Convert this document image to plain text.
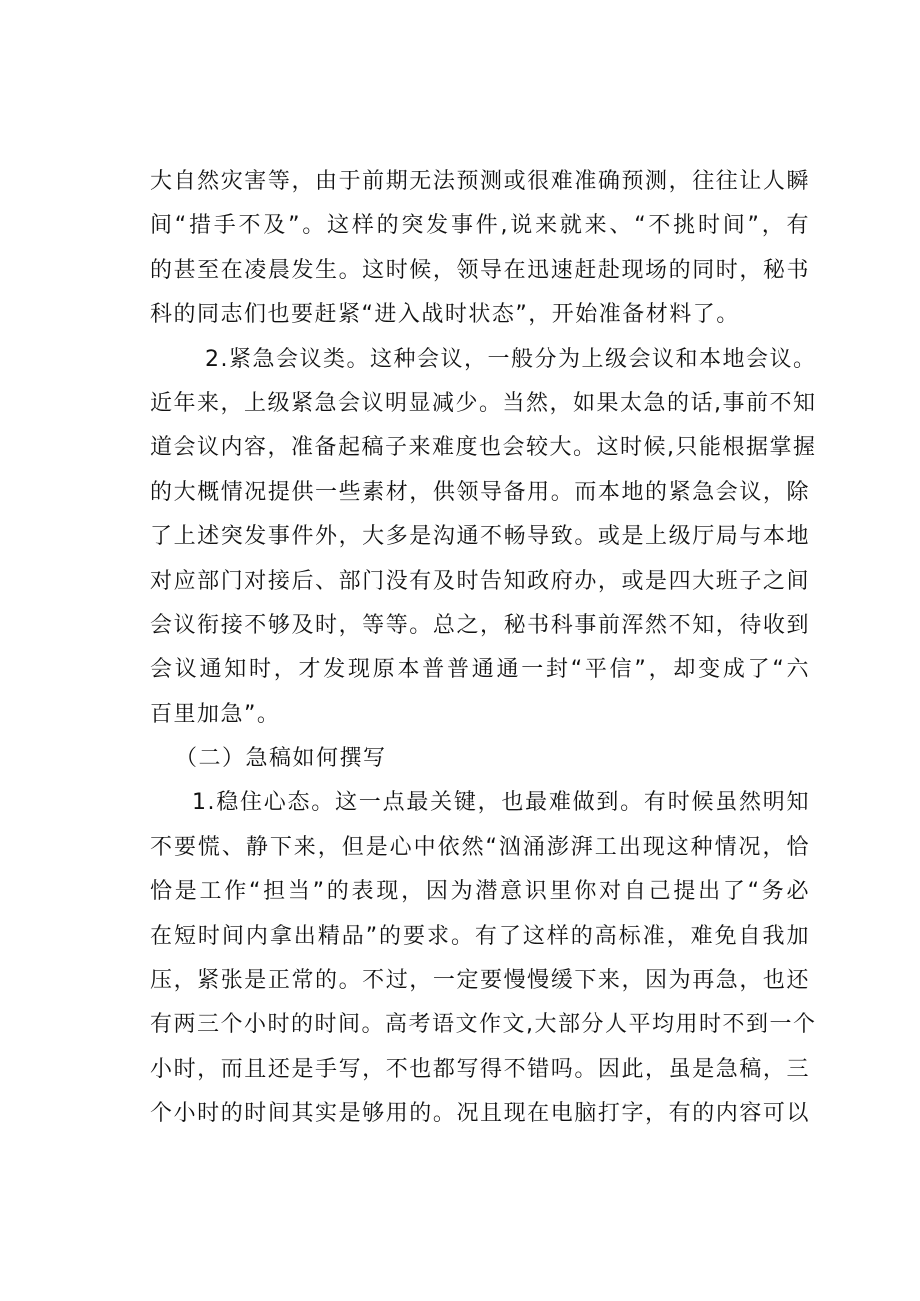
大自然灾害等，由于前期无法预测或很难准确预测，往往让人瞬
间“措手不及”。这样的突发事件,说来就来、“不挑时间”，有
的甚至在凌晨发生。这时候，领导在迅速赶赴现场的同时，秘书
科的同志们也要赶紧“进入战时状态”，开始准备材料了。
2.紧急会议类。这种会议，一般分为上级会议和本地会议。
近年来，上级紧急会议明显减少。当然，如果太急的话,事前不知
道会议内容，准备起稿子来难度也会较大。这时候,只能根据掌握
的大概情况提供一些素材，供领导备用。而本地的紧急会议，除
了上述突发事件外，大多是沟通不畅导致。或是上级厅局与本地
对应部门对接后、部门没有及时告知政府办，或是四大班子之间
会议衔接不够及时，等等。总之，秘书科事前浑然不知，待收到
会议通知时，才发现原本普普通通一封“平信”，却变成了“六
百里加急”。
（二）急稿如何撰写
1.稳住心态。这一点最关键，也最难做到。有时候虽然明知
不要慌、静下来，但是心中依然“汹涌澎湃工出现这种情况，恰
恰是工作“担当”的表现，因为潜意识里你对自己提出了“务必
在短时间内拿出精品”的要求。有了这样的高标准，难免自我加
压，紧张是正常的。不过，一定要慢慢缓下来，因为再急，也还
有两三个小时的时间。高考语文作文,大部分人平均用时不到一个
小时，而且还是手写，不也都写得不错吗。因此，虽是急稿，三
个小时的时间其实是够用的。况且现在电脑打字，有的内容可以
